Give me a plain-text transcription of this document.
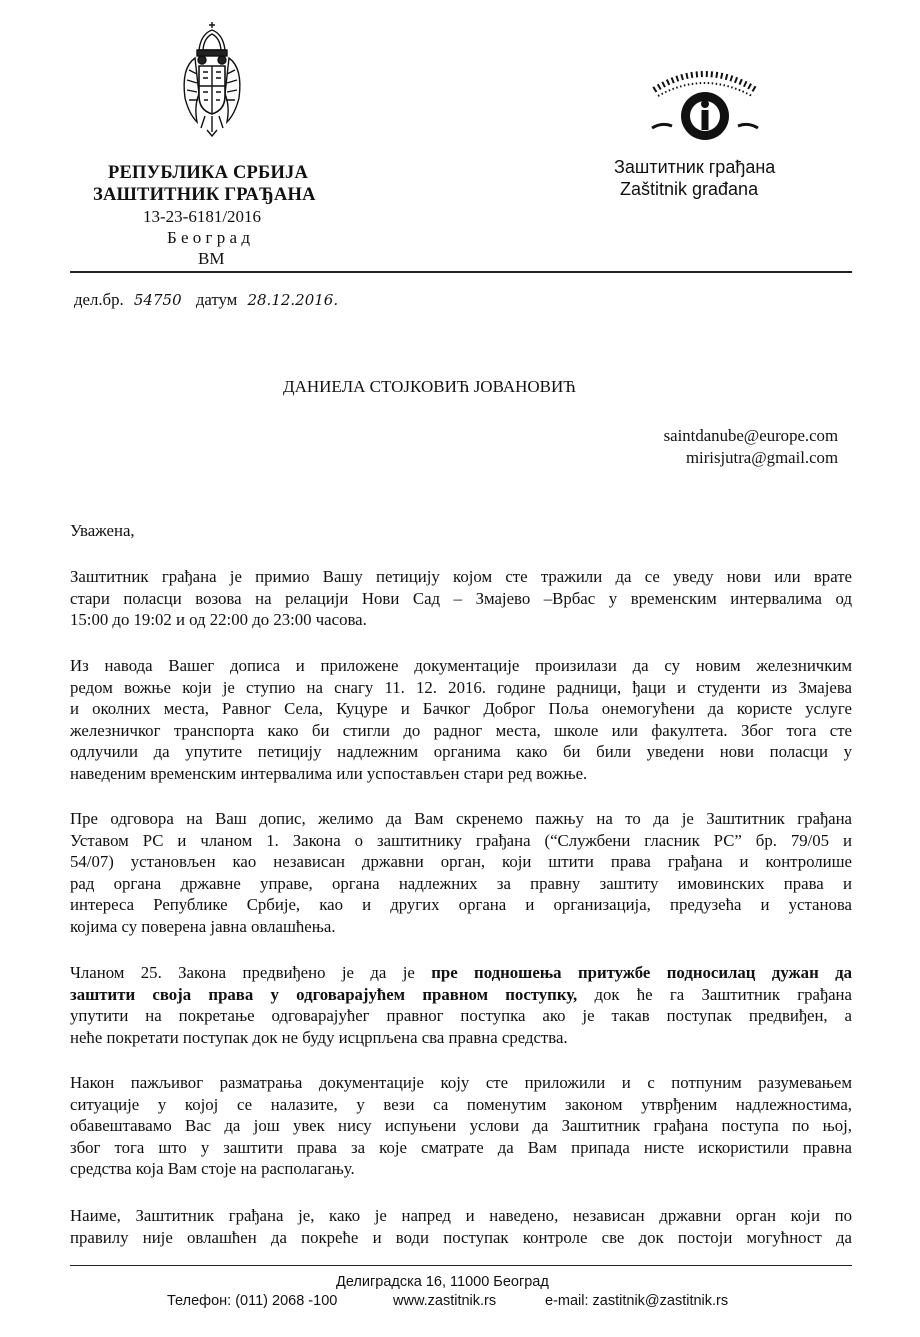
РЕПУБЛИКА СРБИЈА
ЗАШТИТНИК ГРАЂАНА
13-23-6181/2016
Б е о г р а д
ВМ
Заштитник грађана
Zaštitnik građana
дел.бр. 54750 датум 28.12.2016.
ДАНИЕЛА СТОЈКОВИЋ ЈОВАНОВИЋ
saintdanube@europe.com
mirisjutra@gmail.com
Уважена,
Заштитник грађана је примио Вашу петицију којом сте тражили да се уведу нови или врате
стари поласци возова на релацији Нови Сад – Змајево –Врбас у временским интервалима од
15:00 до 19:02 и од 22:00 до 23:00 часова.
Из навода Вашег дописа и приложене документације произилази да су новим железничким
редом вожње који је ступио на снагу 11. 12. 2016. године радници, ђаци и студенти из Змајева
и околних места, Равног Села, Куцуре и Бачког Доброг Поља онемогућени да користе услуге
железничког транспорта како би стигли до радног места, школе или факултета. Због тога сте
одлучили да упутите петицију надлежним органима како би били уведени нови поласци у
наведеним временским интервалима или успостављен стари ред вожње.
Пре одговора на Ваш допис, желимо да Вам скренемо пажњу на то да је Заштитник грађана
Уставом РС и чланом 1. Закона о заштитнику грађана (“Службени гласник РС” бр. 79/05 и
54/07) установљен као независан државни орган, који штити права грађана и контролише
рад органа државне управе, органа надлежних за правну заштиту имовинских права и
интереса Републике Србије, као и других органа и организација, предузећа и установа
којима су поверена јавна овлашћења.
Чланом 25. Закона предвиђено је да је пре подношења притужбе подносилац дужан да
заштити своја права у одговарајућем правном поступку, док ће га Заштитник грађана
упутити на покретање одговарајућег правног поступка ако је такав поступак предвиђен, а
неће покретати поступак док не буду исцрпљена сва правна средства.
Након пажљивог разматрања документације коју сте приложили и с потпуним разумевањем
ситуације у којој се налазите, у вези са поменутим законом утврђеним надлежностима,
обавештавамо Вас да још увек нису испуњени услови да Заштитник грађана поступа по њој,
због тога што у заштити права за које сматрате да Вам припада нисте искористили правна
средства која Вам стоје на располагању.
Наиме, Заштитник грађана је, како је напред и наведено, независан државни орган који по
правилу није овлашћен да покреће и води поступак контроле све док постоји могућност да
Делиградска 16, 11000 Београд
Телефон: (011) 2068 -100	www.zastitnik.rs	e-mail: zastitnik@zastitnik.rs
